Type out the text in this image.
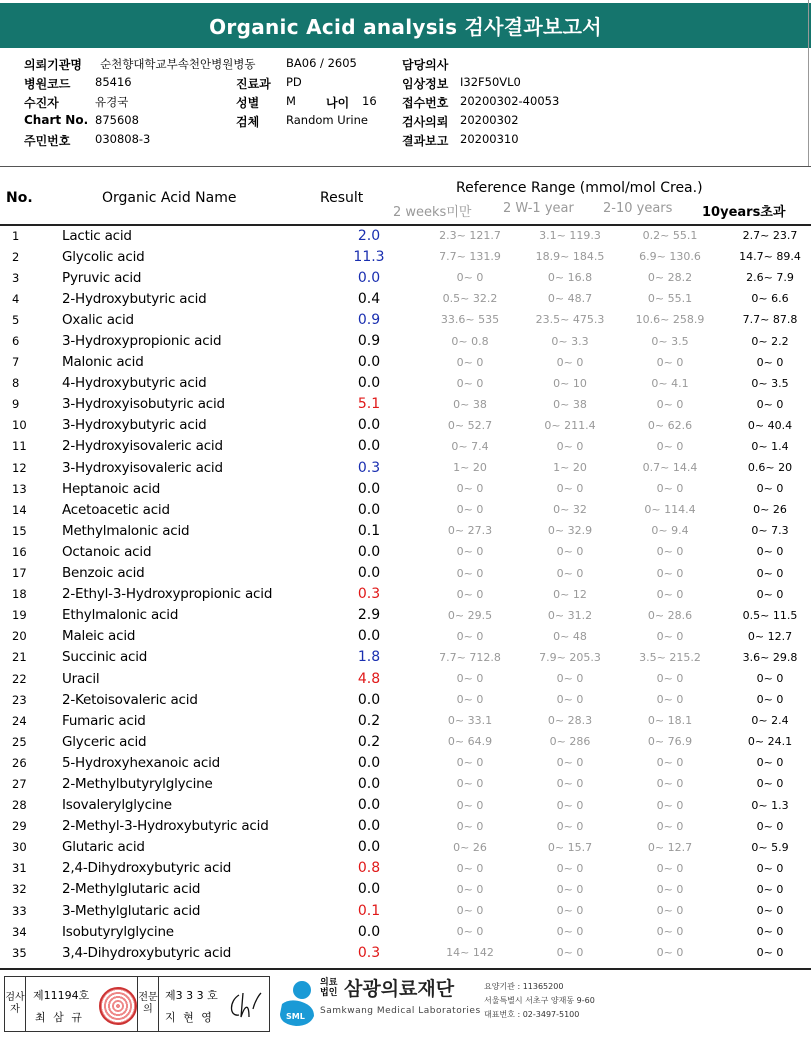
Organic Acid analysis 검사결과보고서
의뢰기관명 순천향대학교부속천안병원병동	BA06 / 2605	담당의사
병원코드 85416	진료과 PD	임상정보 I32F50VL0
수진자	유경국	성별 M	나이 16 접수번호 20200302-40053
Chart No. 875608	검체 Random Urine	검사의뢰 20200302
주민번호 030808-3	결과보고 20200310
No.	Organic Acid Name	Result
Reference Range (mmol/mol Crea.)
2 weeks미만 2 W-1 year 2-10 years 10years초과
1	Lactic acid	2.0	2.3~ 121.7	3.1~ 119.3	0.2~ 55.1	2.7~ 23.7
2	Glycolic acid	11.3	7.7~ 131.9	18.9~ 184.5	6.9~ 130.6	14.7~ 89.4
3	Pyruvic acid	0.0	0~ 0	0~ 16.8	0~ 28.2	2.6~ 7.9
4	2-Hydroxybutyric acid	0.4	0.5~ 32.2	0~ 48.7	0~ 55.1	0~ 6.6
5	Oxalic acid	0.9	33.6~ 535	23.5~ 475.3	10.6~ 258.9	7.7~ 87.8
6	3-Hydroxypropionic acid	0.9	0~ 0.8	0~ 3.3	0~ 3.5	0~ 2.2
7	Malonic acid	0.0	0~ 0	0~ 0	0~ 0	0~ 0
8	4-Hydroxybutyric acid	0.0	0~ 0	0~ 10	0~ 4.1	0~ 3.5
9	3-Hydroxyisobutyric acid	5.1	0~ 38	0~ 38	0~ 0	0~ 0
10	3-Hydroxybutyric acid	0.0	0~ 52.7	0~ 211.4	0~ 62.6	0~ 40.4
11	2-Hydroxyisovaleric acid	0.0	0~ 7.4	0~ 0	0~ 0	0~ 1.4
12	3-Hydroxyisovaleric acid	0.3	1~ 20	1~ 20	0.7~ 14.4	0.6~ 20
13	Heptanoic acid	0.0	0~ 0	0~ 0	0~ 0	0~ 0
14	Acetoacetic acid	0.0	0~ 0	0~ 32	0~ 114.4	0~ 26
15	Methylmalonic acid	0.1	0~ 27.3	0~ 32.9	0~ 9.4	0~ 7.3
16	Octanoic acid	0.0	0~ 0	0~ 0	0~ 0	0~ 0
17	Benzoic acid	0.0	0~ 0	0~ 0	0~ 0	0~ 0
18	2-Ethyl-3-Hydroxypropionic acid	0.3	0~ 0	0~ 12	0~ 0	0~ 0
19	Ethylmalonic acid	2.9	0~ 29.5	0~ 31.2	0~ 28.6	0.5~ 11.5
20	Maleic acid	0.0	0~ 0	0~ 48	0~ 0	0~ 12.7
21	Succinic acid	1.8	7.7~ 712.8	7.9~ 205.3	3.5~ 215.2	3.6~ 29.8
22	Uracil	4.8	0~ 0	0~ 0	0~ 0	0~ 0
23	2-Ketoisovaleric acid	0.0	0~ 0	0~ 0	0~ 0	0~ 0
24	Fumaric acid	0.2	0~ 33.1	0~ 28.3	0~ 18.1	0~ 2.4
25	Glyceric acid	0.2	0~ 64.9	0~ 286	0~ 76.9	0~ 24.1
26	5-Hydroxyhexanoic acid	0.0	0~ 0	0~ 0	0~ 0	0~ 0
27	2-Methylbutyrylglycine	0.0	0~ 0	0~ 0	0~ 0	0~ 0
28	Isovalerylglycine	0.0	0~ 0	0~ 0	0~ 0	0~ 1.3
29	2-Methyl-3-Hydroxybutyric acid	0.0	0~ 0	0~ 0	0~ 0	0~ 0
30	Glutaric acid	0.0	0~ 26	0~ 15.7	0~ 12.7	0~ 5.9
31	2,4-Dihydroxybutyric acid	0.8	0~ 0	0~ 0	0~ 0	0~ 0
32	2-Methylglutaric acid	0.0	0~ 0	0~ 0	0~ 0	0~ 0
33	3-Methylglutaric acid	0.1	0~ 0	0~ 0	0~ 0	0~ 0
34	Isobutyrylglycine	0.0	0~ 0	0~ 0	0~ 0	0~ 0
35	3,4-Dihydroxybutyric acid	0.3	14~ 142	0~ 0	0~ 0	0~ 0
검사자
제11194호
최 삼 규
전문의
제3 3 3 호
지 현 영	SML
의료
법인 삼광의료재단
Samkwang Medical Laboratories
요양기관 : 11365200
서울특별시 서초구 양재동 9-60
대표번호 : 02-3497-5100
